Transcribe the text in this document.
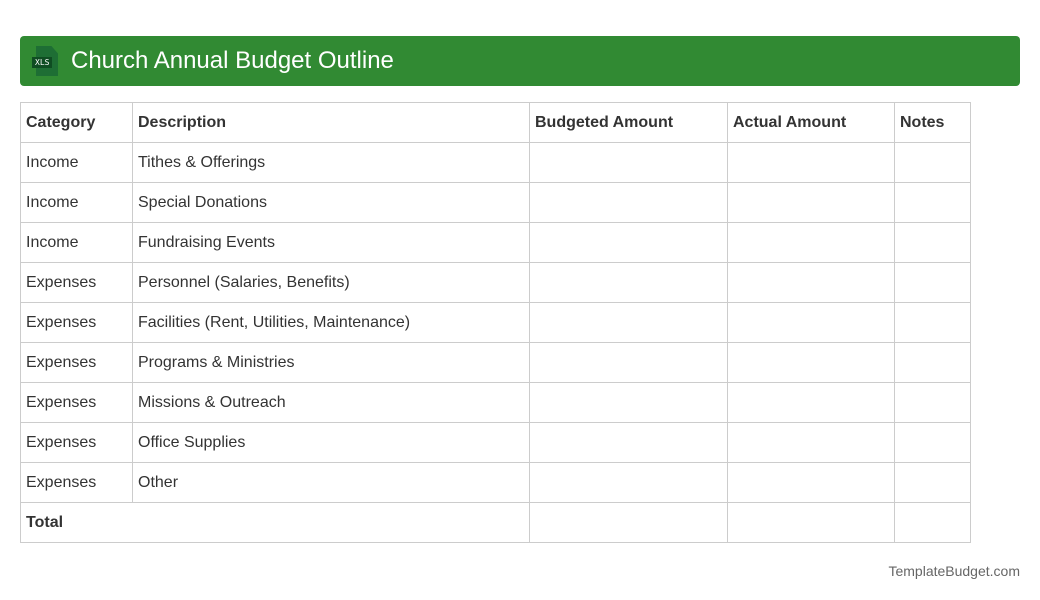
XLS Church Annual Budget Outline
Category	Description	Budgeted Amount	Actual Amount	Notes
Income	Tithes & Offerings			
Income	Special Donations			
Income	Fundraising Events			
Expenses	Personnel (Salaries, Benefits)			
Expenses	Facilities (Rent, Utilities, Maintenance)			
Expenses	Programs & Ministries			
Expenses	Missions & Outreach			
Expenses	Office Supplies			
Expenses	Other			
Total				
TemplateBudget.com
